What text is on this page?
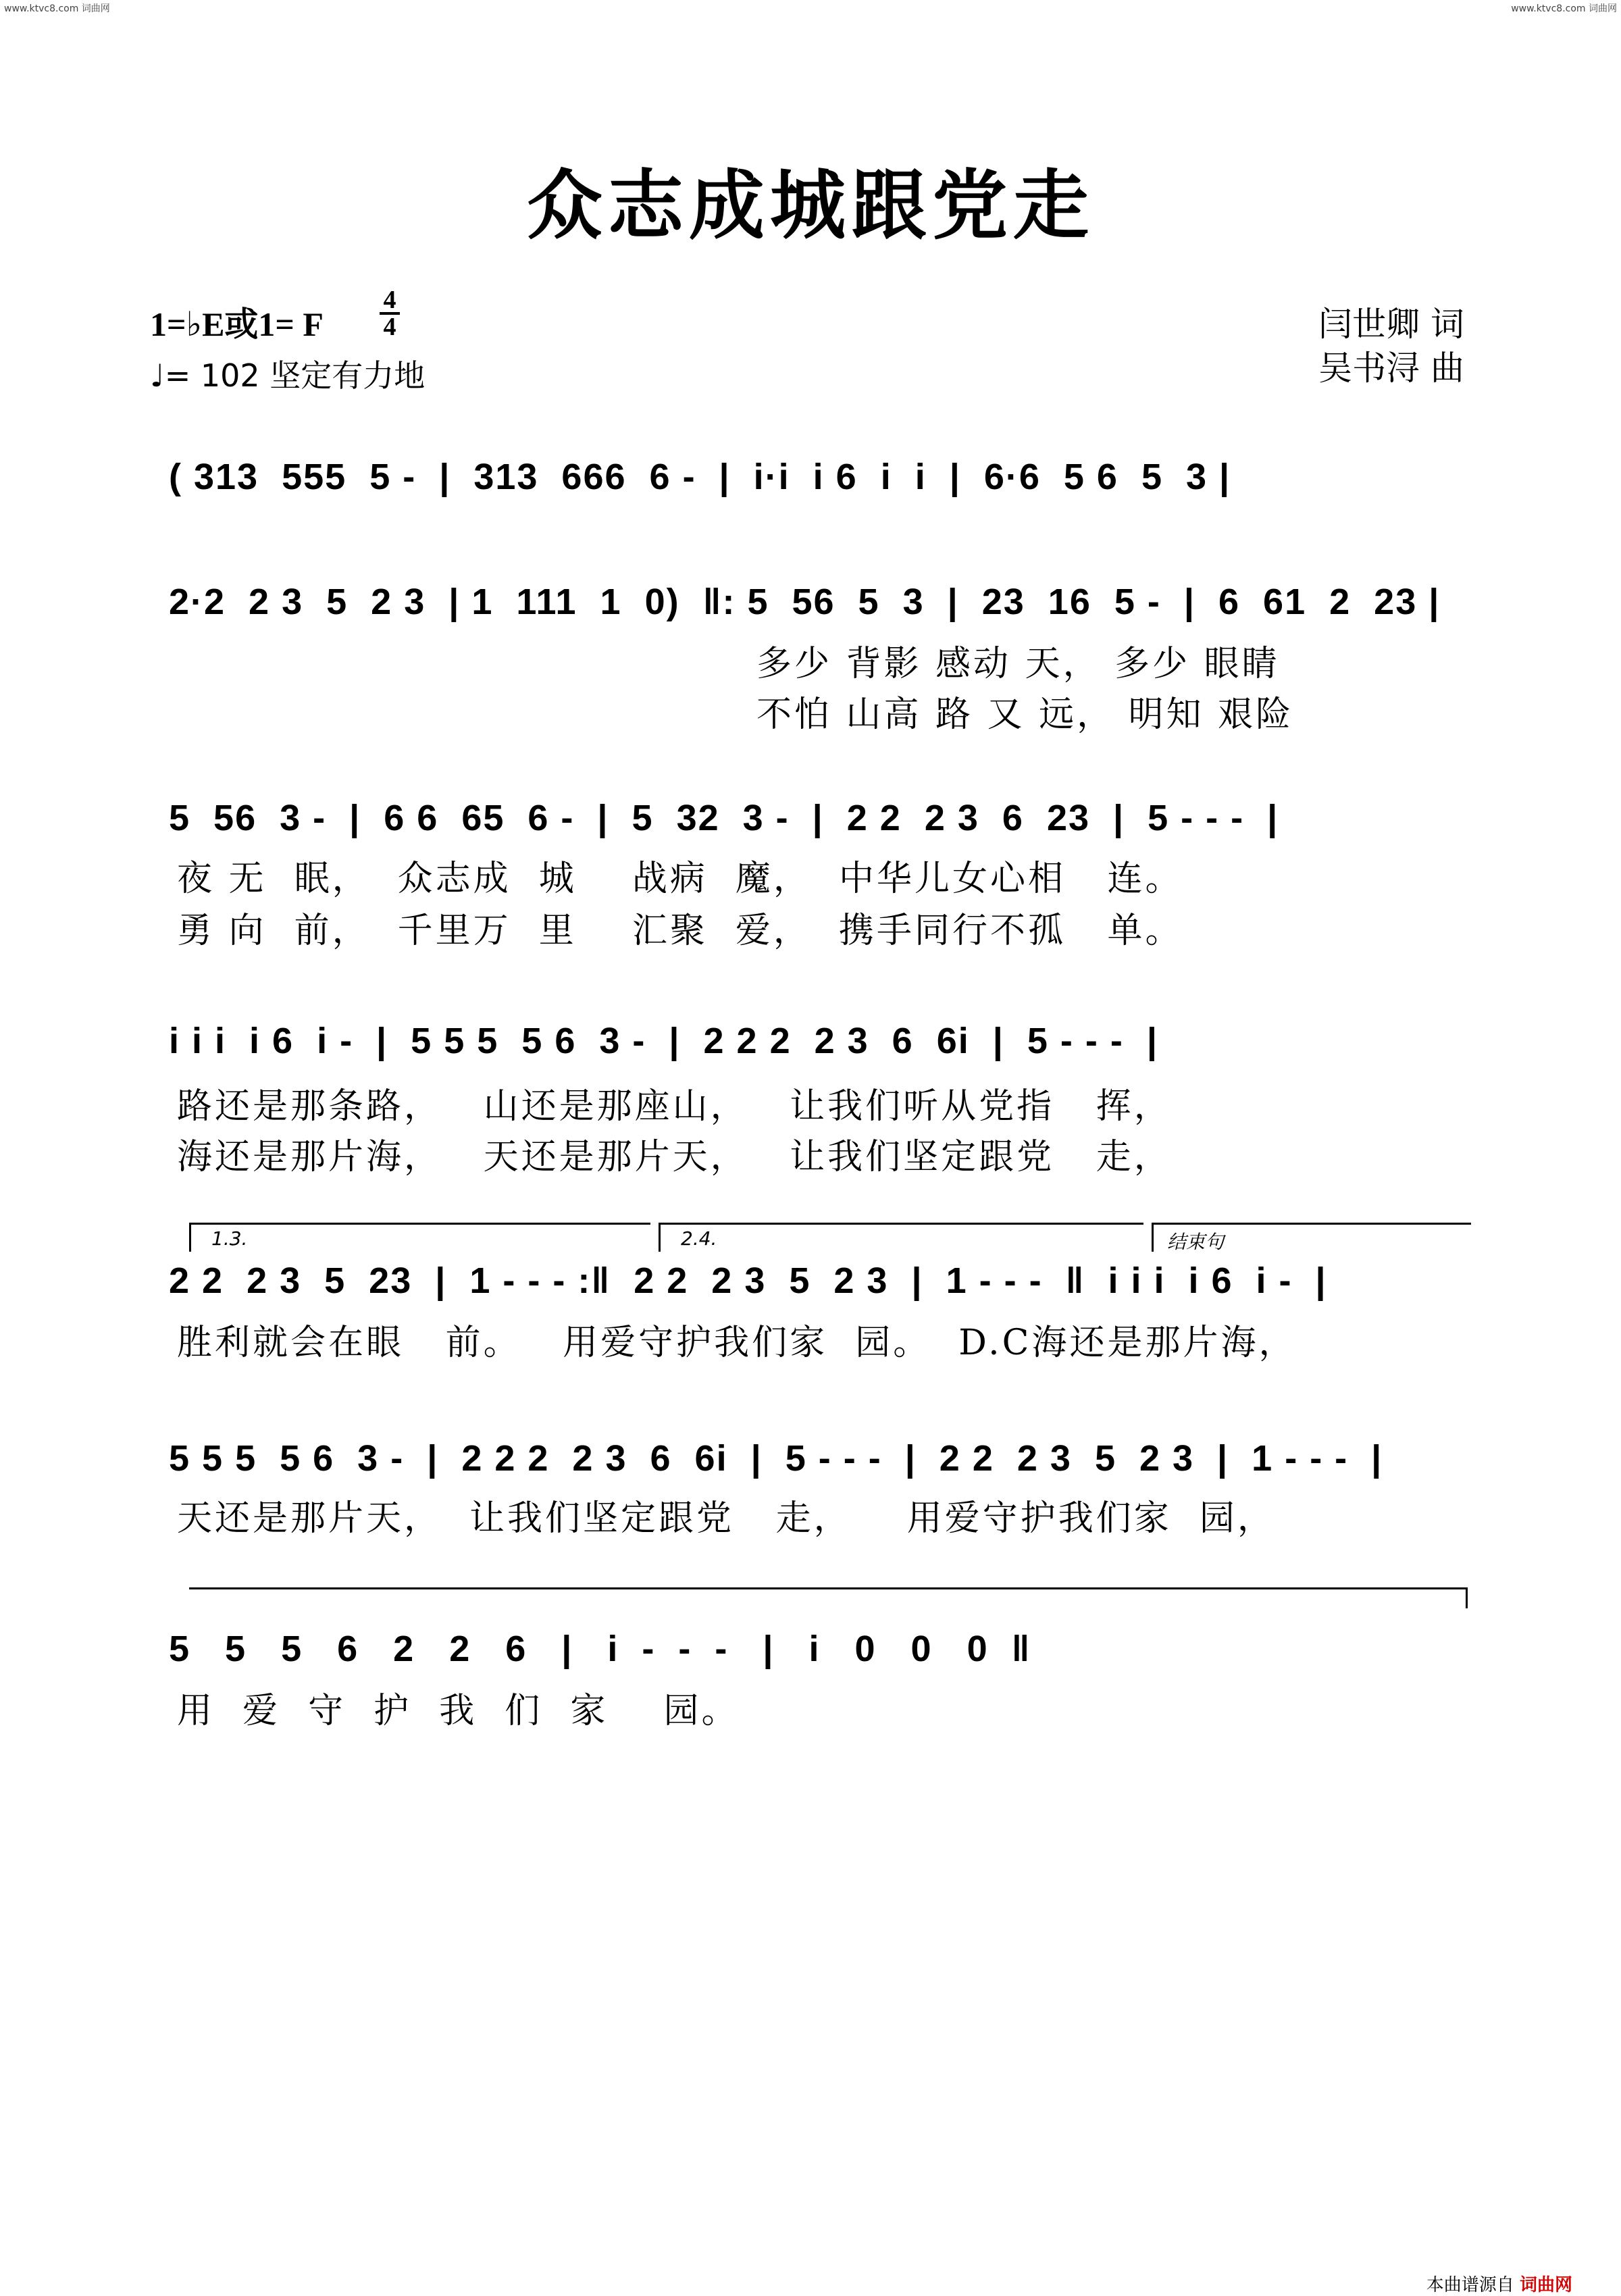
www.ktvc8.com 词曲网	www.ktvc8.com 词曲网
众志成城跟党走
1=♭E或1= F
4

4
♩= 102 坚定有力地
闫世卿 词
吴书浔 曲
( 313  555  5 -  |  313  666  6 -  |  i·i  i 6  i  i  |  6·6  5 6  5  3 |
2·2  2 3  5  2 3  | 1  111  1  0)  ‖: 5  56  5  3  |  23  16  5 -  |  6  61  2  23 |
多少 背影 感动 天， 多少 眼睛
不怕 山高 路 又 远， 明知 艰险
5  56  3 -  |  6 6  65  6 -  |  5  32  3 -  |  2 2  2 3  6  23  |  5 - - -  |
夜 无  眠，  众志成  城    战病  魔，  中华儿女心相   连。
勇 向  前，  千里万  里    汇聚  爱，  携手同行不孤   单。
i i i  i 6  i -  |  5 5 5  5 6  3 -  |  2 2 2  2 3  6  6i  |  5 - - -  |
路还是那条路，   山还是那座山，   让我们听从党指   挥，
海还是那片海，   天还是那片天，   让我们坚定跟党   走，
1.3.	2.4.	结束句
2 2  2 3  5  23  |  1 - - - :‖  2 2  2 3  5  2 3  |  1 - - -  ‖  i i i  i 6  i -  |
胜利就会在眼   前。   用爱守护我们家  园。  D.C海还是那片海，
5 5 5  5 6  3 -  |  2 2 2  2 3  6  6i  |  5 - - -  |  2 2  2 3  5  2 3  |  1 - - -  |
天还是那片天，  让我们坚定跟党   走，    用爱守护我们家  园，
5   5   5   6   2   2   6   |   i  -  -  -   |   i   0   0   0  ‖
用  爱  守  护  我  们  家    园。
本曲谱源自 词曲网
